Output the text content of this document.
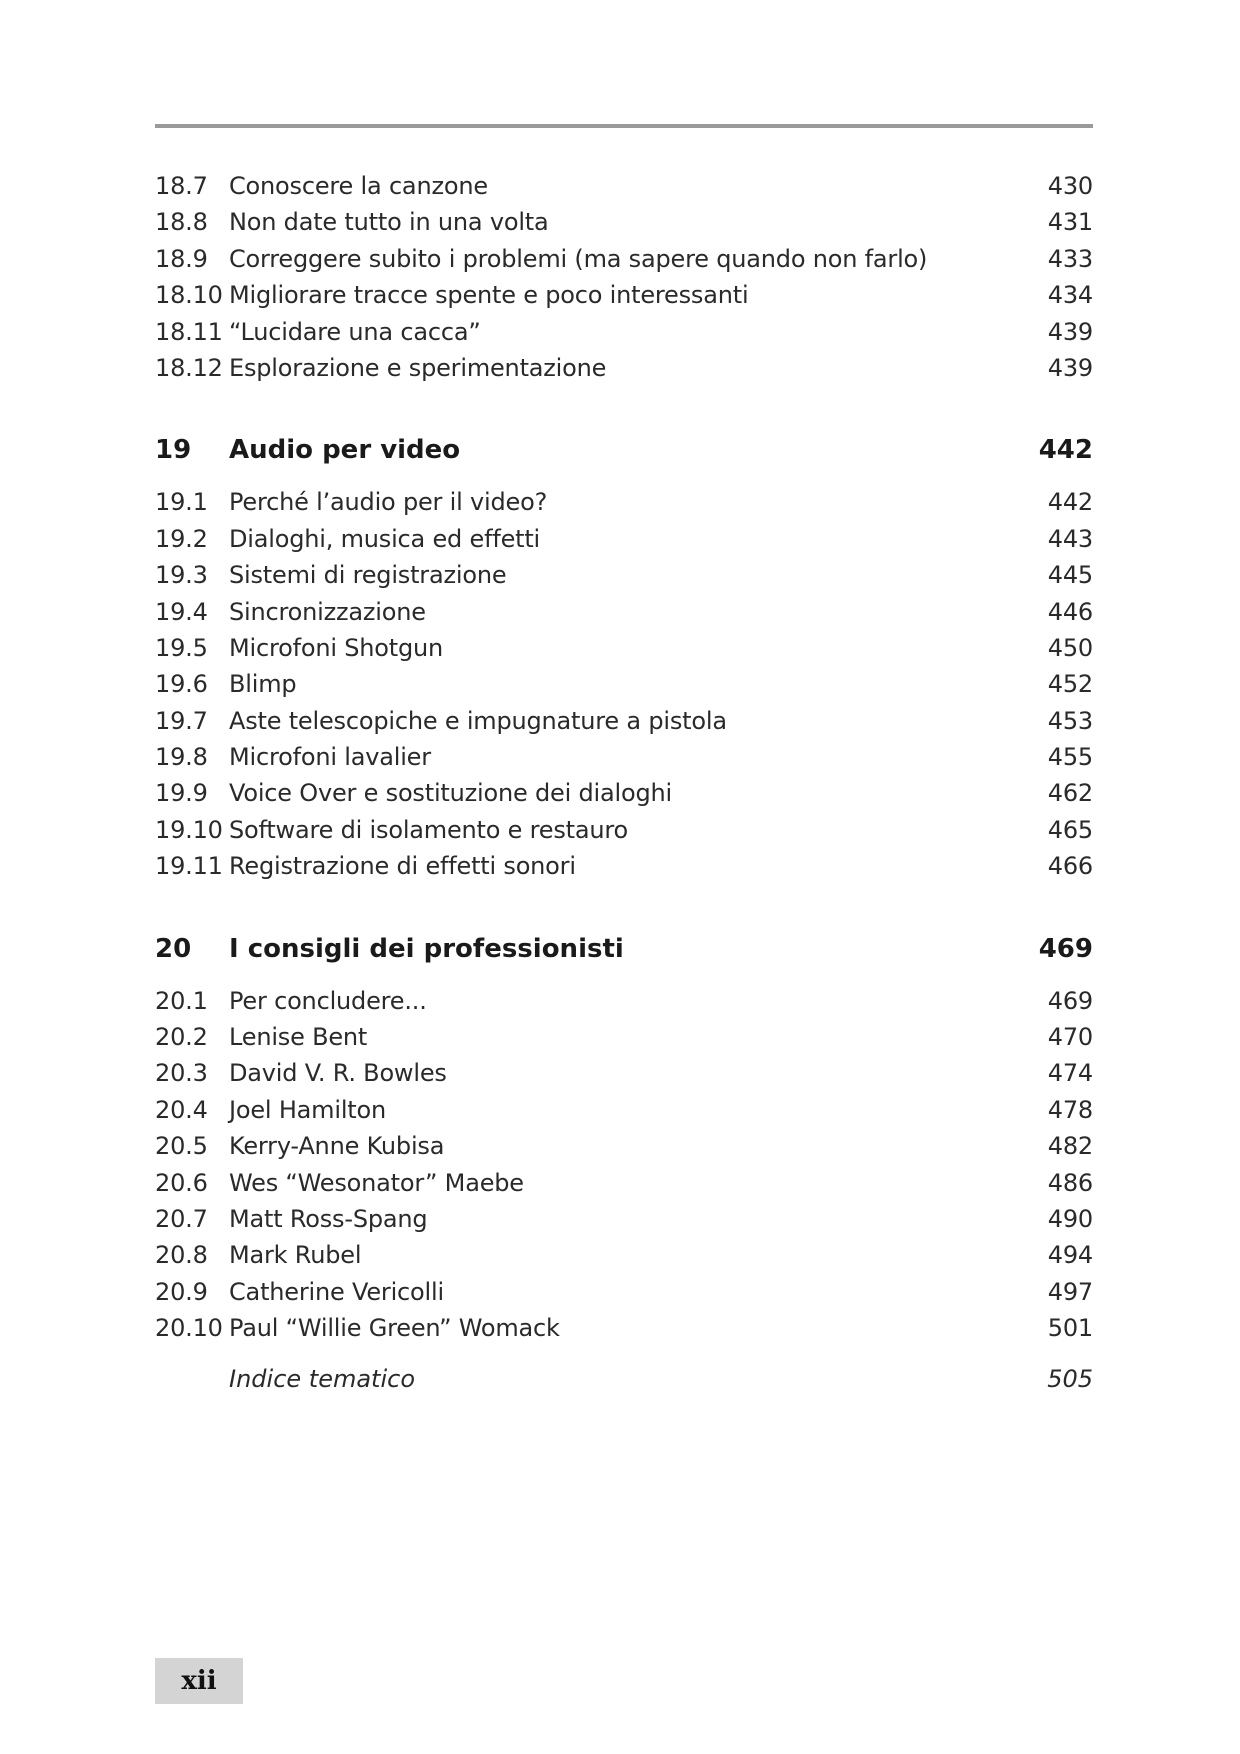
18.7 Conoscere la canzone	430
18.8 Non date tutto in una volta	431
18.9 Correggere subito i problemi (ma sapere quando non farlo)	433
18.10 Migliorare tracce spente e poco interessanti	434
18.11 “Lucidare una cacca”	439
18.12 Esplorazione e sperimentazione	439
19 Audio per video	442
19.1 Perché l’audio per il video?	442
19.2 Dialoghi, musica ed effetti	443
19.3 Sistemi di registrazione	445
19.4 Sincronizzazione	446
19.5 Microfoni Shotgun	450
19.6 Blimp	452
19.7 Aste telescopiche e impugnature a pistola	453
19.8 Microfoni lavalier	455
19.9 Voice Over e sostituzione dei dialoghi	462
19.10 Software di isolamento e restauro	465
19.11 Registrazione di effetti sonori	466
20 I consigli dei professionisti	469
20.1 Per concludere...	469
20.2 Lenise Bent	470
20.3 David V. R. Bowles	474
20.4 Joel Hamilton	478
20.5 Kerry-Anne Kubisa	482
20.6 Wes “Wesonator” Maebe	486
20.7 Matt Ross-Spang	490
20.8 Mark Rubel	494
20.9 Catherine Vericolli	497
20.10 Paul “Willie Green” Womack	501
Indice tematico	505
xii
